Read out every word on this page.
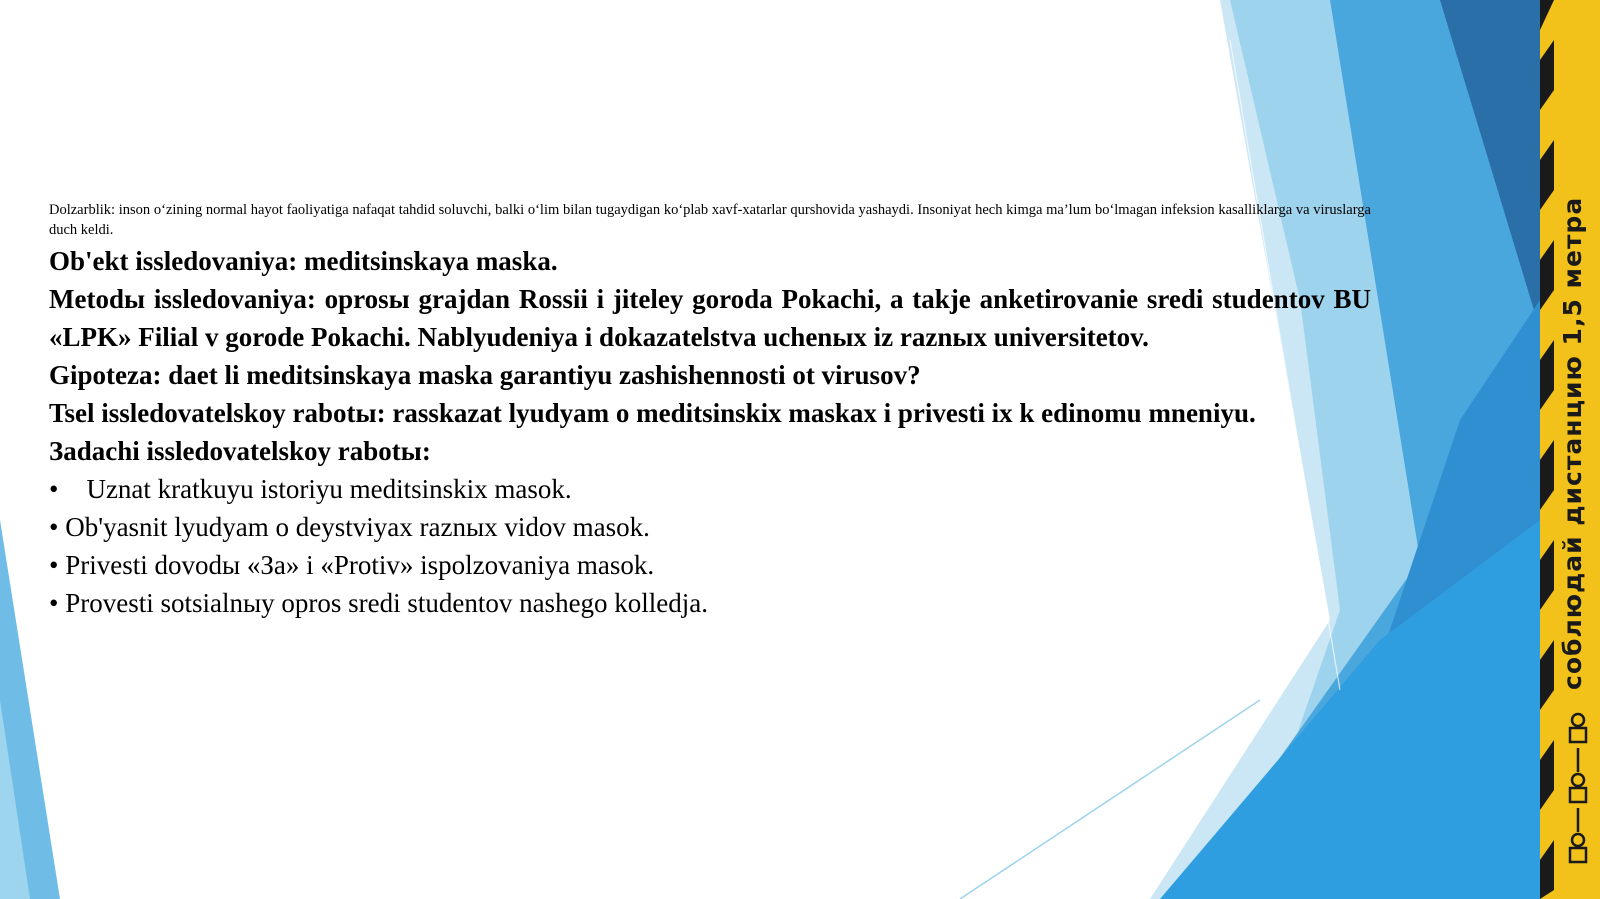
соблюдай дистанцию 1,5 метра

Dolzarblik: inson o‘zining normal hayot faoliyatiga nafaqat tahdid soluvchi, balki o‘lim bilan tugaydigan ko‘plab xavf-xatarlar qurshovida yashaydi. Insoniyat hech kimga ma’lum bo‘lmagan infeksion kasalliklarga va viruslarga duch keldi.

Ob'ekt issledovaniya: meditsinskaya maska.

Metodы issledovaniya: oprosы grajdan Rossii i jiteley goroda Pokachi, a takje anketirovanie sredi studentov BU «LPK» Filial v gorode Pokachi. Nablyudeniya i dokazatelstva uchenых iz raznых universitetov.

Gipoteza: daet li meditsinskaya maska garantiyu zashishennosti ot virusov?

Tsel issledovatelskoy rabotы: rasskazat lyudyam o meditsinskix maskax i privesti ix k edinomu mneniyu.

Зadachi issledovatelskoy rabotы:

• Uznat kratkuyu istoriyu meditsinskix masok.

• Ob'yasnit lyudyam o deystviyax raznых vidov masok.

• Privesti dovodы «Зa» i «Protiv» ispolzovaniya masok.

• Provesti sotsialnыy opros sredi studentov nashego kolledja.
